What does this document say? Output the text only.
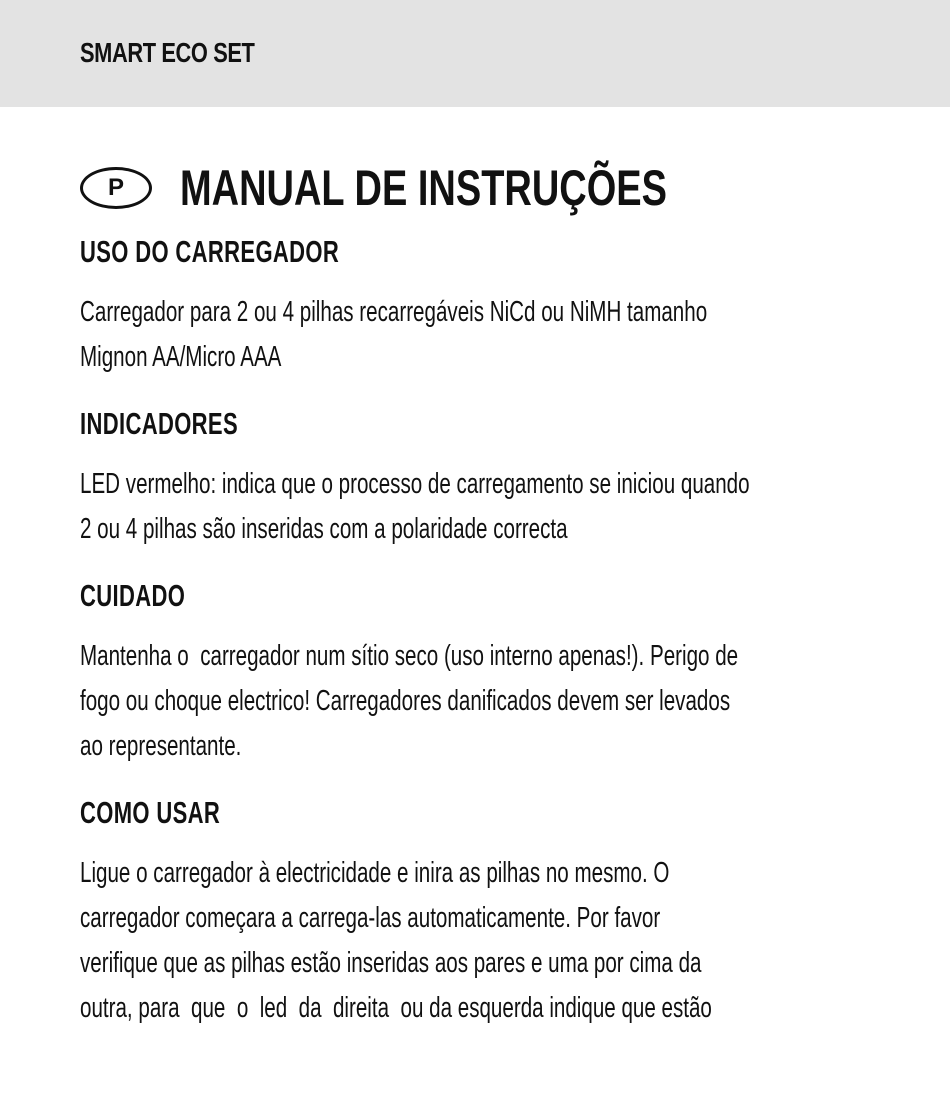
SMART ECO SET
P	MANUAL DE INSTRUÇÕES
USO DO CARREGADOR

Carregador para 2 ou 4 pilhas recarregáveis NiCd ou NiMH tamanho
Mignon AA/Micro AAA

INDICADORES

LED vermelho: indica que o processo de carregamento se iniciou quando
2 ou 4 pilhas são inseridas com a polaridade correcta

CUIDADO

Mantenha o  carregador num sítio seco (uso interno apenas!). Perigo de
fogo ou choque electrico! Carregadores danificados devem ser levados
ao representante.

COMO USAR

Ligue o carregador à electricidade e inira as pilhas no mesmo. O
carregador começara a carrega-las automaticamente. Por favor
verifique que as pilhas estão inseridas aos pares e uma por cima da
outra, para  que  o  led  da  direita  ou da esquerda indique que estão
